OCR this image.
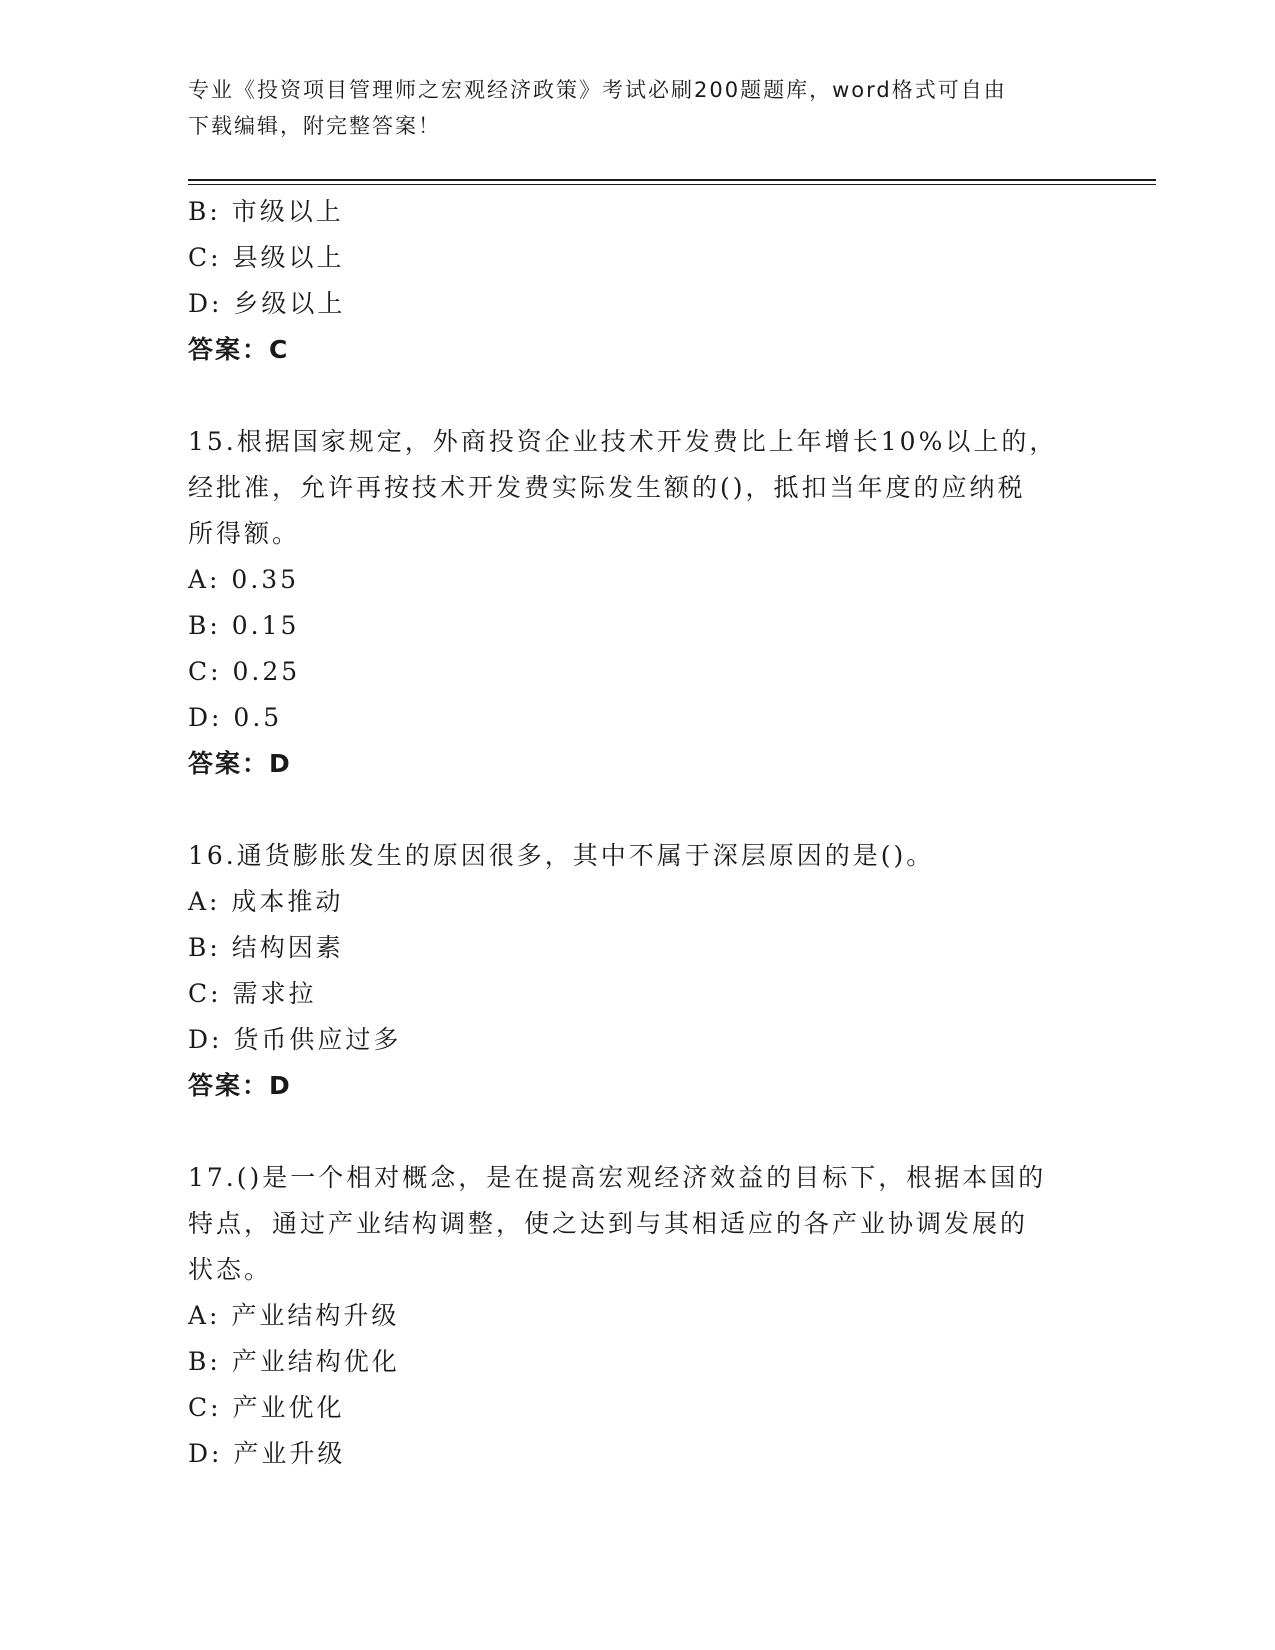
专业《投资项目管理师之宏观经济政策》考试必刷200题题库，word格式可自由
下载编辑，附完整答案！

B: 市级以上

C: 县级以上

D: 乡级以上

答案：C

15.根据国家规定，外商投资企业技术开发费比上年增长10%以上的，

经批准，允许再按技术开发费实际发生额的()，抵扣当年度的应纳税

所得额。

A: 0.35

B: 0.15

C: 0.25

D: 0.5

答案：D

16.通货膨胀发生的原因很多，其中不属于深层原因的是()。

A: 成本推动

B: 结构因素

C: 需求拉

D: 货币供应过多

答案：D

17.()是一个相对概念，是在提高宏观经济效益的目标下，根据本国的

特点，通过产业结构调整，使之达到与其相适应的各产业协调发展的

状态。

A: 产业结构升级

B: 产业结构优化

C: 产业优化

D: 产业升级
